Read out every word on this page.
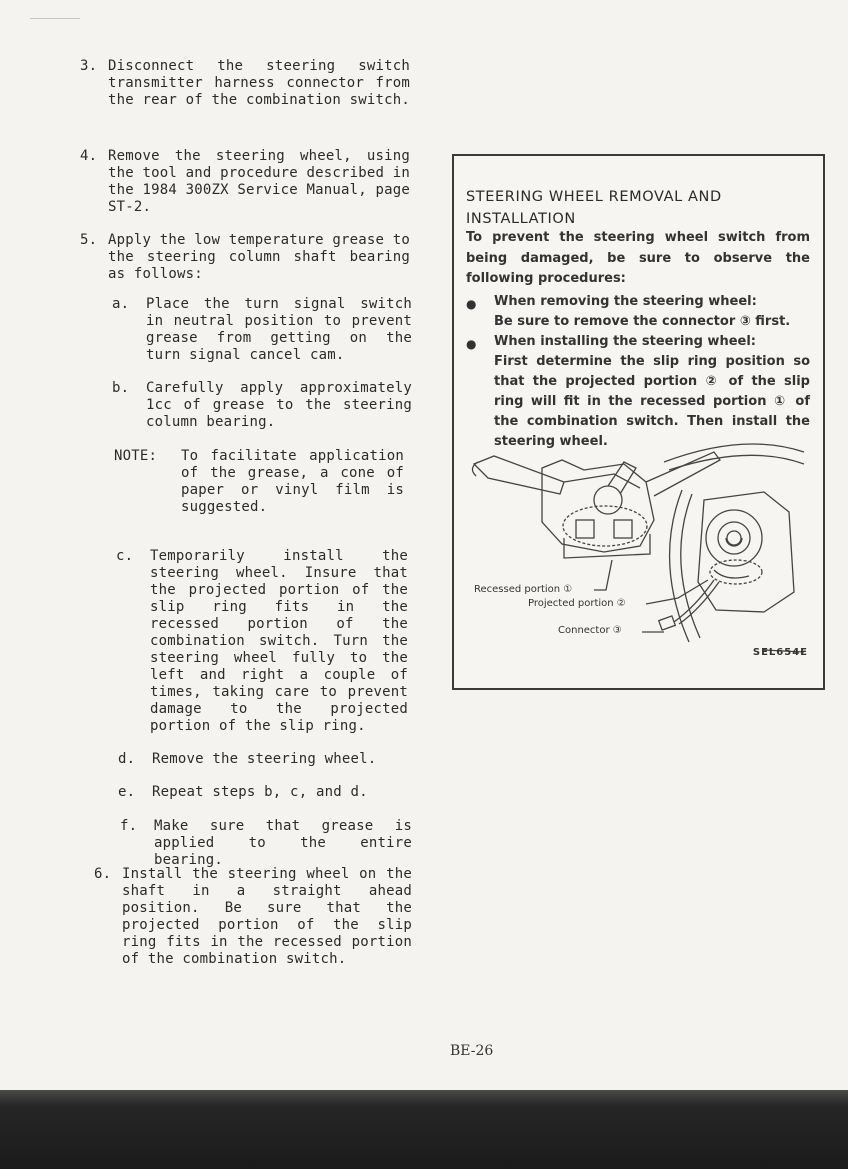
3. Disconnect the steering switch transmitter harness connector from the rear of the combination switch.
4. Remove the steering wheel, using the tool and procedure described in the 1984 300ZX Service Manual, page ST-2.
5. Apply the low temperature grease to the steering column shaft bearing as follows:
a. Place the turn signal switch in neutral position to prevent grease from getting on the turn signal cancel cam.
b. Carefully apply approximately 1cc of grease to the steering column bearing.
NOTE: To facilitate application of the grease, a cone of paper or vinyl film is suggested.
c. Temporarily install the steering wheel. Insure that the projected portion of the slip ring fits in the recessed portion of the combination switch. Turn the steering wheel fully to the left and right a couple of times, taking care to prevent damage to the projected portion of the slip ring.
d. Remove the steering wheel.
e. Repeat steps b, c, and d.
f. Make sure that grease is applied to the entire bearing.
6. Install the steering wheel on the shaft in a straight ahead position. Be sure that the projected portion of the slip ring fits in the recessed portion of the combination switch.
STEERING WHEEL REMOVAL AND INSTALLATION
To prevent the steering wheel switch from being damaged, be sure to observe the following procedures:
● When removing the steering wheel:
Be sure to remove the connector ③ first.
● When installing the steering wheel:
First determine the slip ring position so that the projected portion ② of the slip ring will fit in the recessed portion ① of the combination switch. Then install the steering wheel.
Recessed portion ①
Projected portion ②
Connector ③
SEL654E
BE-26
